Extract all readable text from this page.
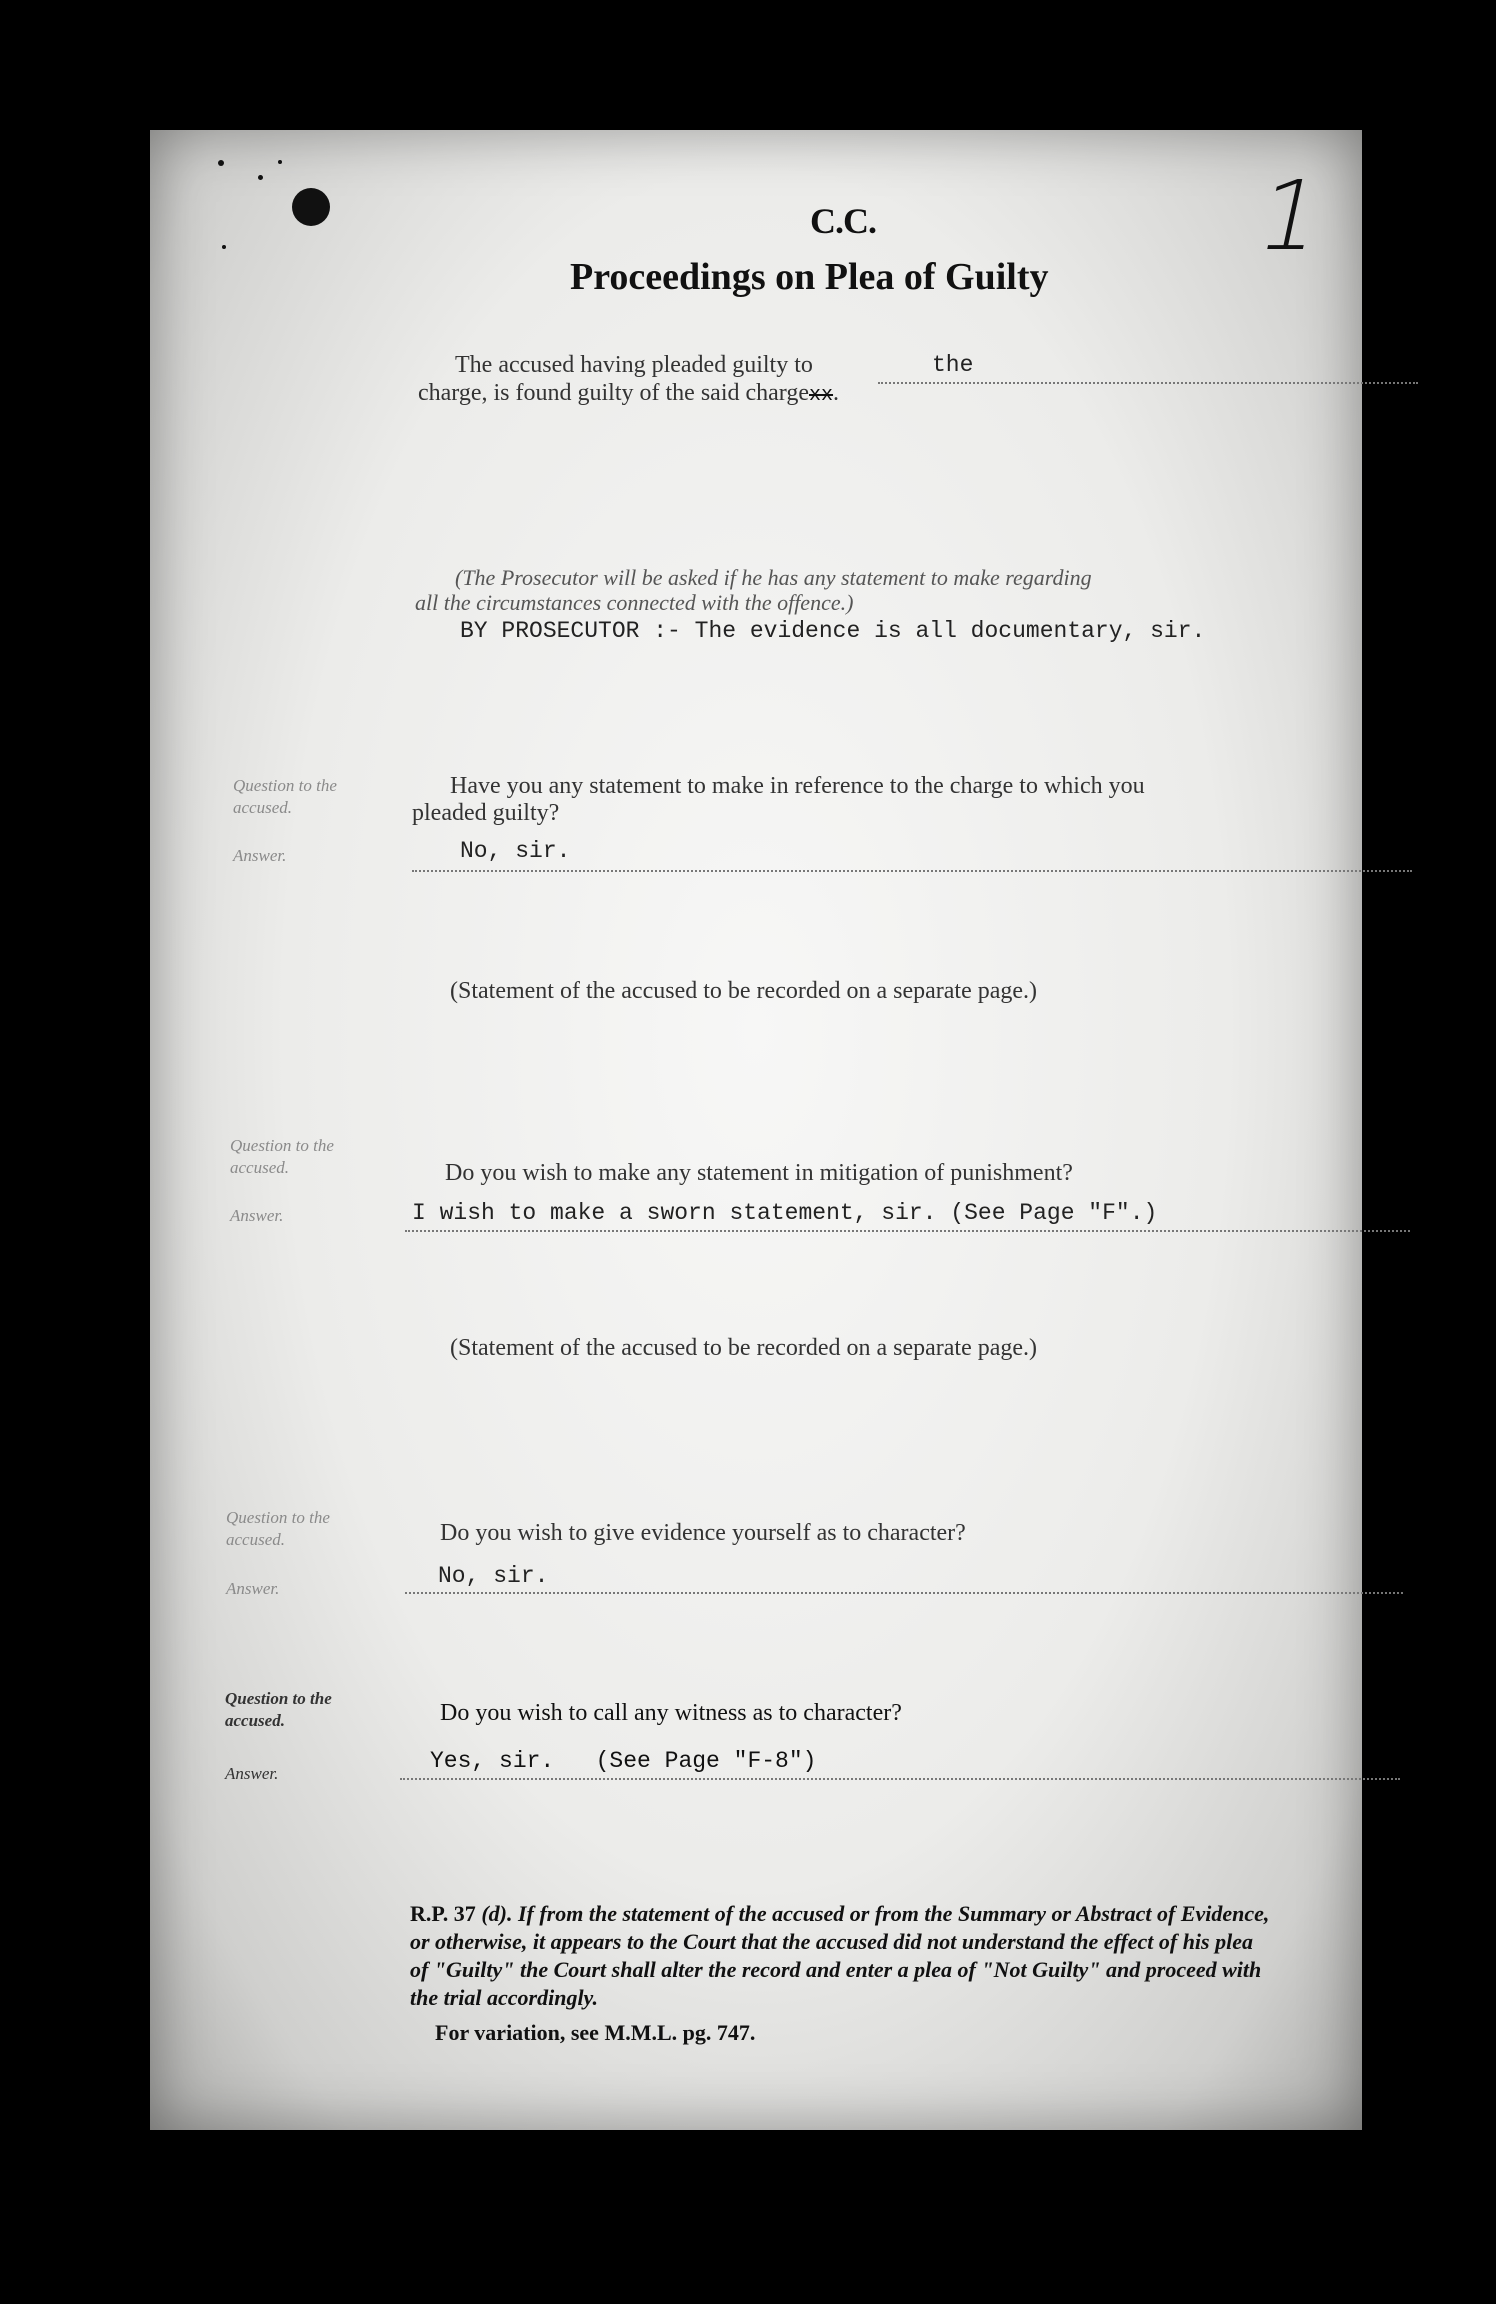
1
C.C.
Proceedings on Plea of Guilty
The accused having pleaded guilty to	the
charge, is found guilty of the said chargexx.
(The Prosecutor will be asked if he has any statement to make regarding
all the circumstances connected with the offence.)
BY PROSECUTOR :- The evidence is all documentary, sir.
Question to the accused.
Have you any statement to make in reference to the charge to which you
pleaded guilty?
Answer.	No, sir.
(Statement of the accused to be recorded on a separate page.)
Question to the accused.	Do you wish to make any statement in mitigation of punishment?
Answer.	I wish to make a sworn statement, sir. (See Page "F".)
(Statement of the accused to be recorded on a separate page.)
Question to the accused.	Do you wish to give evidence yourself as to character?
Answer.	No, sir.
Question to the accused.	Do you wish to call any witness as to character?
Answer.	Yes, sir.   (See Page "F-8")
R.P. 37 (d). If from the statement of the accused or from the Summary or Abstract of Evidence, or otherwise, it appears to the Court that the accused did not understand the effect of his plea of "Guilty" the Court shall alter the record and enter a plea of "Not Guilty" and proceed with the trial accordingly.
For variation, see M.M.L. pg. 747.
